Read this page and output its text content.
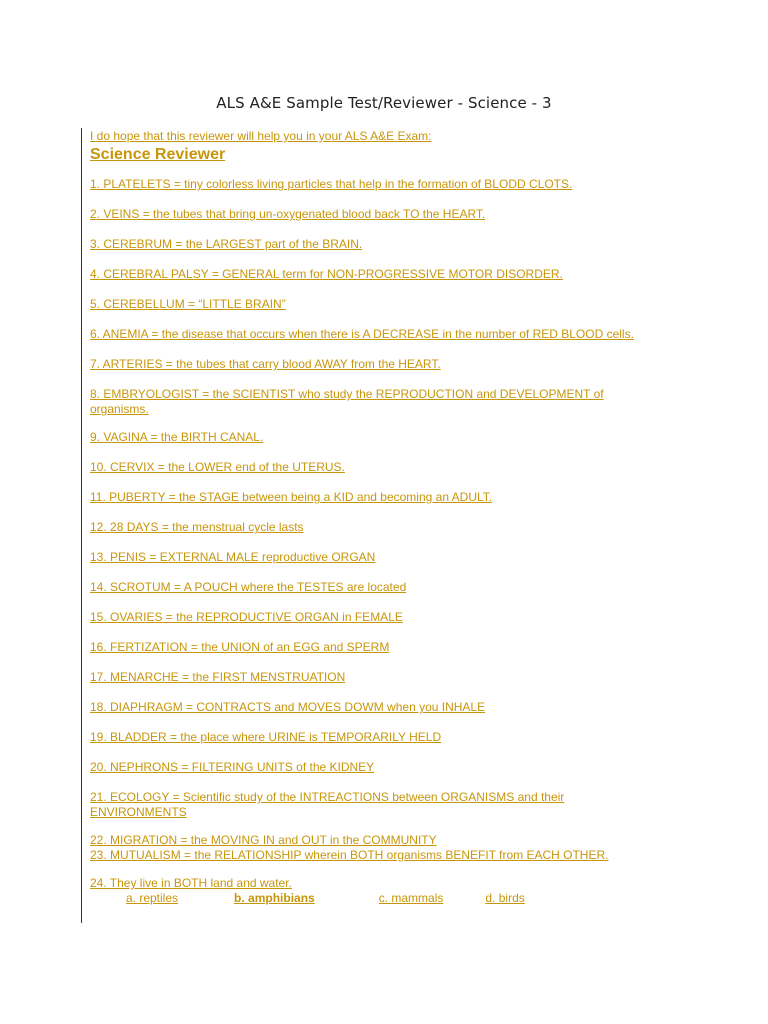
ALS A&E Sample Test/Reviewer - Science - 3
I do hope that this reviewer will help you in your ALS A&E Exam:
Science Reviewer
1. PLATELETS = tiny colorless living particles that help in the formation of BLODD CLOTS.
2. VEINS = the tubes that bring un-oxygenated blood back TO the HEART.
3. CEREBRUM = the LARGEST part of the BRAIN.
4. CEREBRAL PALSY = GENERAL term for NON-PROGRESSIVE MOTOR DISORDER.
5. CEREBELLUM = “LITTLE BRAIN”
6. ANEMIA = the disease that occurs when there is A DECREASE in the number of RED BLOOD cells.
7. ARTERIES = the tubes that carry blood AWAY from the HEART.
8. EMBRYOLOGIST = the SCIENTIST who study the REPRODUCTION and DEVELOPMENT of
organisms.
9. VAGINA = the BIRTH CANAL.
10. CERVIX = the LOWER end of the UTERUS.
11. PUBERTY = the STAGE between being a KID and becoming an ADULT.
12. 28 DAYS = the menstrual cycle lasts
13. PENIS = EXTERNAL MALE reproductive ORGAN
14. SCROTUM = A POUCH where the TESTES are located
15. OVARIES = the REPRODUCTIVE ORGAN in FEMALE
16. FERTIZATION = the UNION of an EGG and SPERM
17. MENARCHE = the FIRST MENSTRUATION
18. DIAPHRAGM = CONTRACTS and MOVES DOWM when you INHALE
19. BLADDER = the place where URINE is TEMPORARILY HELD
20. NEPHRONS = FILTERING UNITS of the KIDNEY
21. ECOLOGY = Scientific study of the INTREACTIONS between ORGANISMS and their
ENVIRONMENTS
22. MIGRATION = the MOVING IN and OUT in the COMMUNITY
23. MUTUALISM = the RELATIONSHIP wherein BOTH organisms BENEFIT from EACH OTHER.
24. They live in BOTH land and water.
a. reptiles	b. amphibians	c. mammals	d. birds
